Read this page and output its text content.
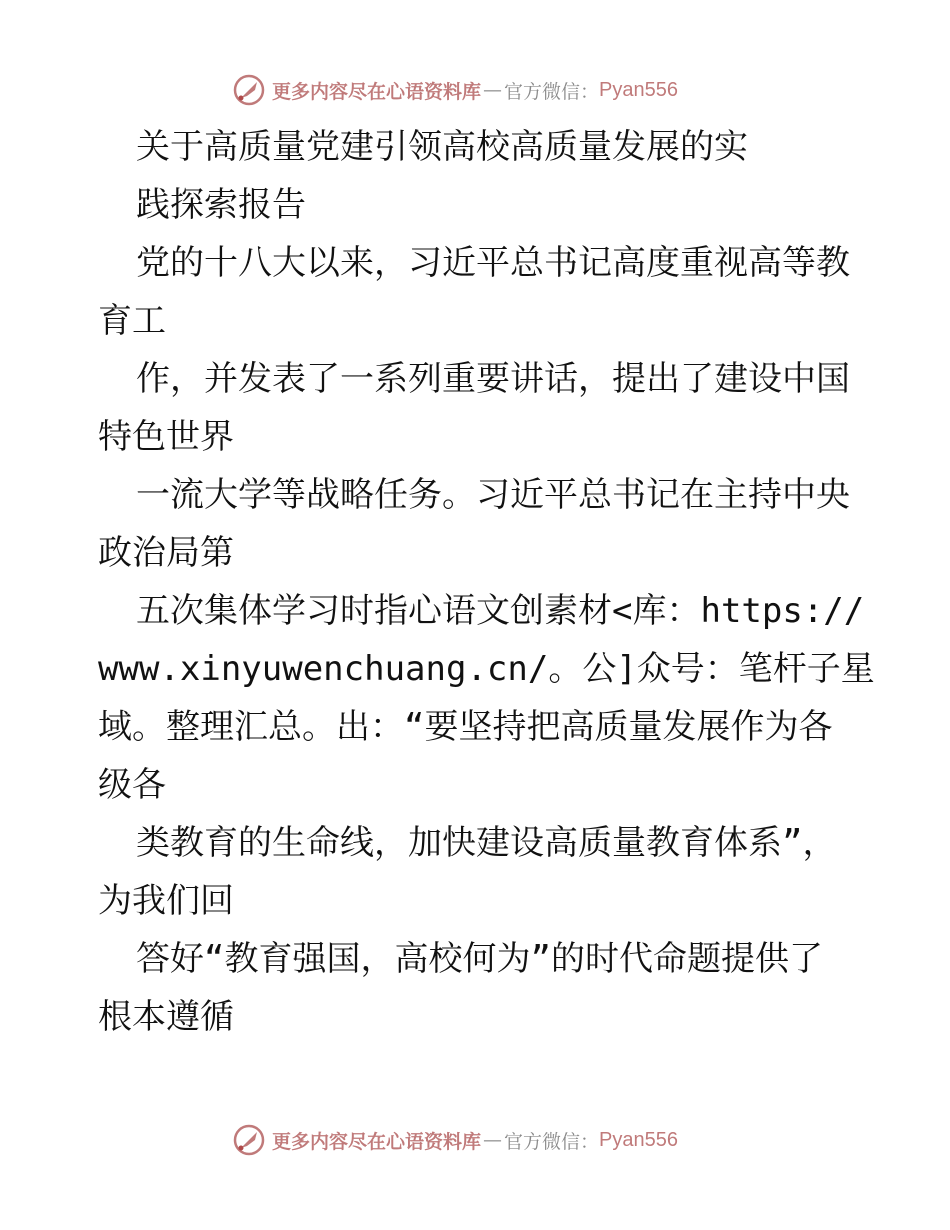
更多内容尽在心语资料库 — 官方微信： Pyan556
关于高质量党建引领高校高质量发展的实
践探索报告
党的十八大以来，习近平总书记高度重视高等教
育工
作，并发表了一系列重要讲话，提出了建设中国
特色世界
一流大学等战略任务。习近平总书记在主持中央
政治局第
五次集体学习时指心语文创素材<库：https://
www.xinyuwenchuang.cn/。公]众号：笔杆子星
域。整理汇总。出：“要坚持把高质量发展作为各
级各
类教育的生命线，加快建设高质量教育体系”，
为我们回
答好“教育强国，高校何为”的时代命题提供了
根本遵循
更多内容尽在心语资料库 — 官方微信： Pyan556
